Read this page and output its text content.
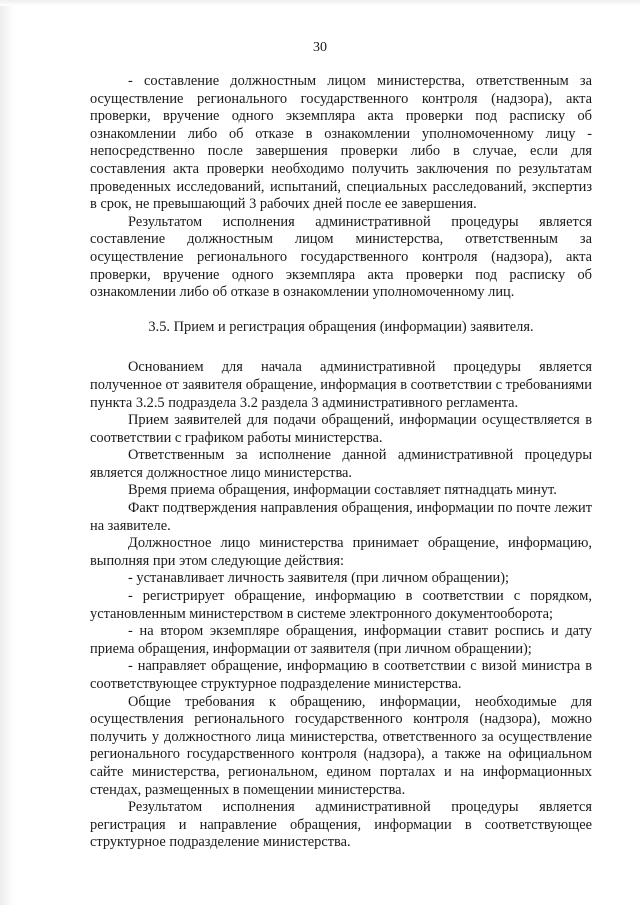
30

- составление должностным лицом министерства, ответственным за осуществление регионального государственного контроля (надзора), акта проверки, вручение одного экземпляра акта проверки под расписку об ознакомлении либо об отказе в ознакомлении уполномоченному лицу - непосредственно после завершения проверки либо в случае, если для составления акта проверки необходимо получить заключения по результатам проведенных исследований, испытаний, специальных расследований, экспертиз в срок, не превышающий 3 рабочих дней после ее завершения.

Результатом исполнения административной процедуры является составление должностным лицом министерства, ответственным за осуществление регионального государственного контроля (надзора), акта проверки, вручение одного экземпляра акта проверки под расписку об ознакомлении либо об отказе в ознакомлении уполномоченному лиц.

3.5. Прием и регистрация обращения (информации) заявителя.

Основанием для начала административной процедуры является полученное от заявителя обращение, информация в соответствии с требованиями пункта 3.2.5 подраздела 3.2 раздела 3 административного регламента.

Прием заявителей для подачи обращений, информации осуществляется в соответствии с графиком работы министерства.

Ответственным за исполнение данной административной процедуры является должностное лицо министерства.

Время приема обращения, информации составляет пятнадцать минут.

Факт подтверждения направления обращения, информации по почте лежит на заявителе.

Должностное лицо министерства принимает обращение, информацию, выполняя при этом следующие действия:

- устанавливает личность заявителя (при личном обращении);

- регистрирует обращение, информацию в соответствии с порядком, установленным министерством в системе электронного документооборота;

- на втором экземпляре обращения, информации ставит роспись и дату приема обращения, информации от заявителя (при личном обращении);

- направляет обращение, информацию в соответствии с визой министра в соответствующее структурное подразделение министерства.

Общие требования к обращению, информации, необходимые для осуществления регионального государственного контроля (надзора), можно получить у должностного лица министерства, ответственного за осуществление регионального государственного контроля (надзора), а также на официальном сайте министерства, региональном, едином порталах и на информационных стендах, размещенных в помещении министерства.

Результатом исполнения административной процедуры является регистрация и направление обращения, информации в соответствующее структурное подразделение министерства.
